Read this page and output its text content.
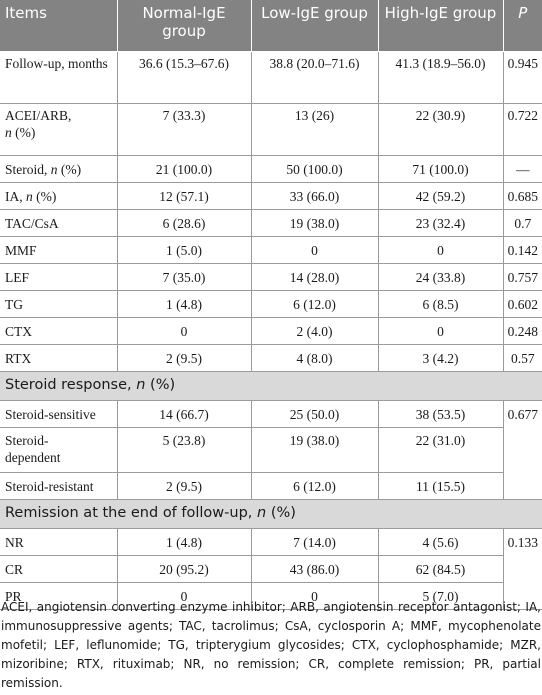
Items	Normal-IgE group	Low-IgE group	High-IgE group	P
Follow-up, months	36.6 (15.3–67.6)	38.8 (20.0–71.6)	41.3 (18.9–56.0)	0.945
ACEI/ARB,
n (%)	7 (33.3)	13 (26)	22 (30.9)	0.722
Steroid, n (%)	21 (100.0)	50 (100.0)	71 (100.0)	—
IA, n (%)	12 (57.1)	33 (66.0)	42 (59.2)	0.685
TAC/CsA	6 (28.6)	19 (38.0)	23 (32.4)	0.7
MMF	1 (5.0)	0	0	0.142
LEF	7 (35.0)	14 (28.0)	24 (33.8)	0.757
TG	1 (4.8)	6 (12.0)	6 (8.5)	0.602
CTX	0	2 (4.0)	0	0.248
RTX	2 (9.5)	4 (8.0)	3 (4.2)	0.57
Steroid response, n (%)				
Steroid-sensitive	14 (66.7)	25 (50.0)	38 (53.5)	0.677
Steroid-dependent	5 (23.8)	19 (38.0)	22 (31.0)	
Steroid-resistant	2 (9.5)	6 (12.0)	11 (15.5)	
Remission at the end of follow-up, n (%)				
NR	1 (4.8)	7 (14.0)	4 (5.6)	0.133
CR	20 (95.2)	43 (86.0)	62 (84.5)	
PR	0	0	5 (7.0)	
ACEI, angiotensin converting enzyme inhibitor; ARB, angiotensin receptor antagonist; IA, immunosuppressive agents; TAC, tacrolimus; CsA, cyclosporin A; MMF, mycophenolate mofetil; LEF, leflunomide; TG, tripterygium glycosides; CTX, cyclophosphamide; MZR, mizoribine; RTX, rituximab; NR, no remission; CR, complete remission; PR, partial remission.
